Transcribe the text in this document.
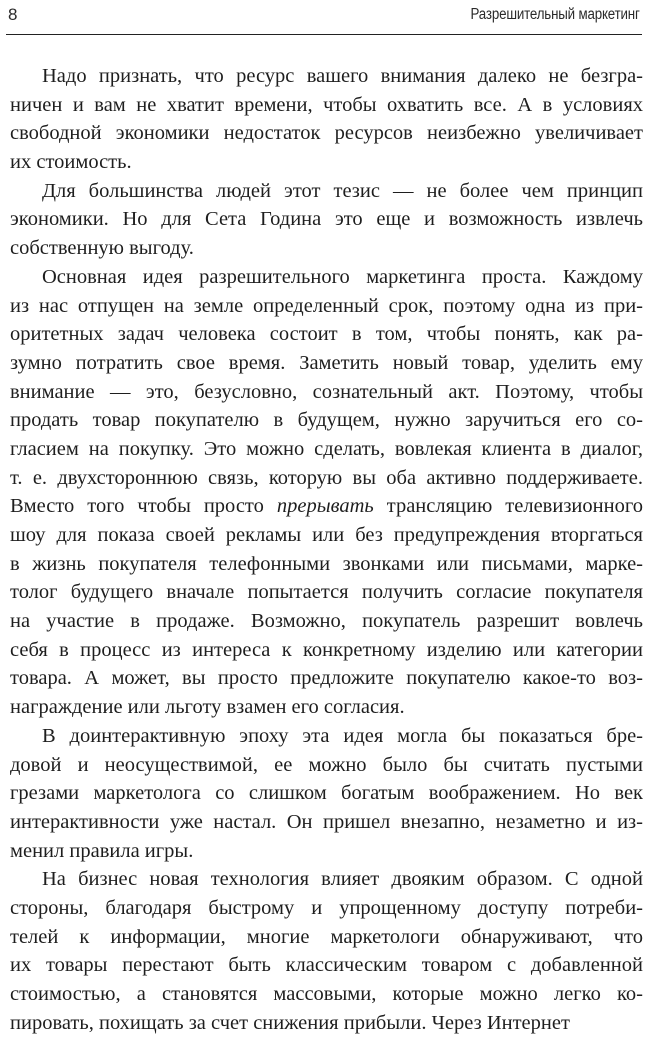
8	Разрешительный маркетинг

Надо признать, что ресурс вашего внимания далеко не безгра-
ничен и вам не хватит времени, чтобы охватить все. А в условиях
свободной экономики недостаток ресурсов неизбежно увеличивает
их стоимость.

Для большинства людей этот тезис — не более чем принцип
экономики. Но для Сета Година это еще и возможность извлечь
собственную выгоду.

Основная идея разрешительного маркетинга проста. Каждому
из нас отпущен на земле определенный срок, поэтому одна из при-
оритетных задач человека состоит в том, чтобы понять, как ра-
зумно потратить свое время. Заметить новый товар, уделить ему
внимание — это, безусловно, сознательный акт. Поэтому, чтобы
продать товар покупателю в будущем, нужно заручиться его со-
гласием на покупку. Это можно сделать, вовлекая клиента в диалог,
т. е. двухстороннюю связь, которую вы оба активно поддерживаете.
Вместо того чтобы просто прерывать трансляцию телевизионного
шоу для показа своей рекламы или без предупреждения вторгаться
в жизнь покупателя телефонными звонками или письмами, марке-
толог будущего вначале попытается получить согласие покупателя
на участие в продаже. Возможно, покупатель разрешит вовлечь
себя в процесс из интереса к конкретному изделию или категории
товара. А может, вы просто предложите покупателю какое-то воз-
награждение или льготу взамен его согласия.

В доинтерактивную эпоху эта идея могла бы показаться бре-
довой и неосуществимой, ее можно было бы считать пустыми
грезами маркетолога со слишком богатым воображением. Но век
интерактивности уже настал. Он пришел внезапно, незаметно и из-
менил правила игры.

На бизнес новая технология влияет двояким образом. С одной
стороны, благодаря быстрому и упрощенному доступу потреби-
телей к информации, многие маркетологи обнаруживают, что
их товары перестают быть классическим товаром с добавленной
стоимостью, а становятся массовыми, которые можно легко ко-
пировать, похищать за счет снижения прибыли. Через Интернет
